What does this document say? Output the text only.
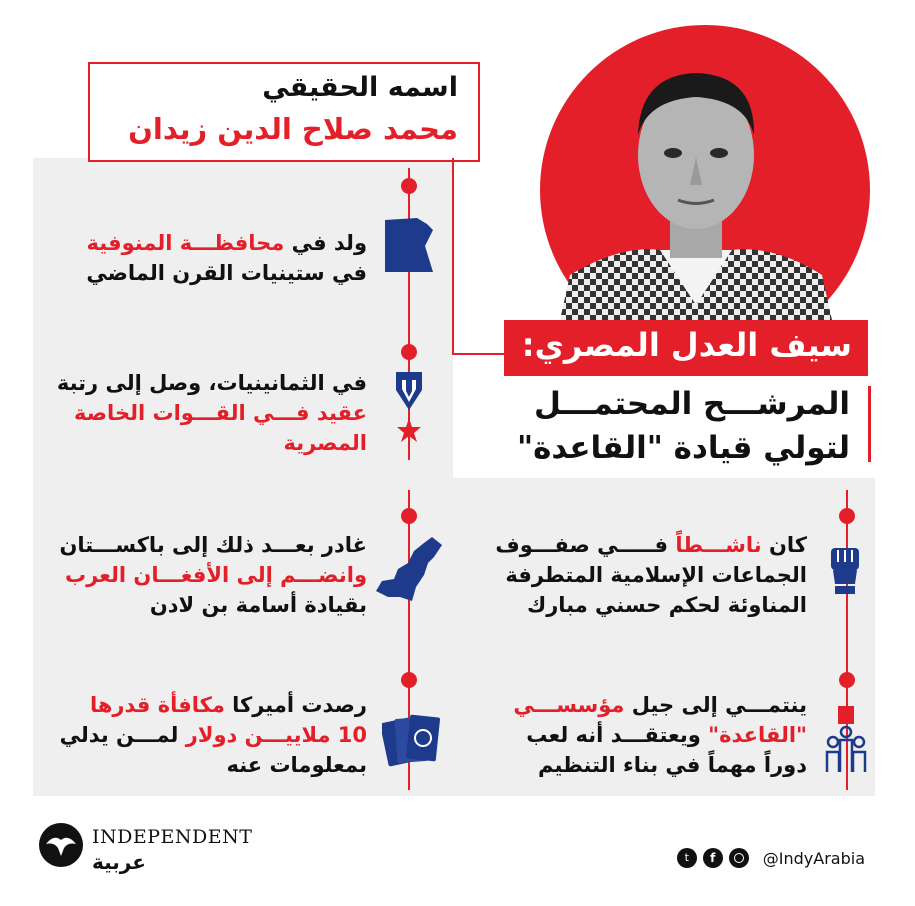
اسمه الحقيقي
محمد صلاح الدين زيدان
سيف العدل المصري:
المرشـــح المحتمـــل
لتولي قيادة "القاعدة"
ولد في محافظـــة المنوفية
في ستينيات القرن الماضي
في الثمانينيات، وصل إلى رتبة
عقيد فـــي القـــوات الخاصة
المصرية
غادر بعـــد ذلك إلى باكســـتان
وانضـــم إلى الأفغـــان العرب
بقيادة أسامة بن لادن
كان ناشـــطاً فـــــي صفـــوف
الجماعات الإسلامية المتطرفة
المناوئة لحكم حسني مبارك
رصدت أميركا مكافأة قدرها
10 ملاييـــن دولار لمـــن يدلي
بمعلومات عنه
ينتمـــي إلى جيل مؤسســـي
"القاعدة" ويعتقـــد أنه لعب
دوراً مهماً في بناء التنظيم
INDEPENDENT
عربية	t	f	@IndyArabia
